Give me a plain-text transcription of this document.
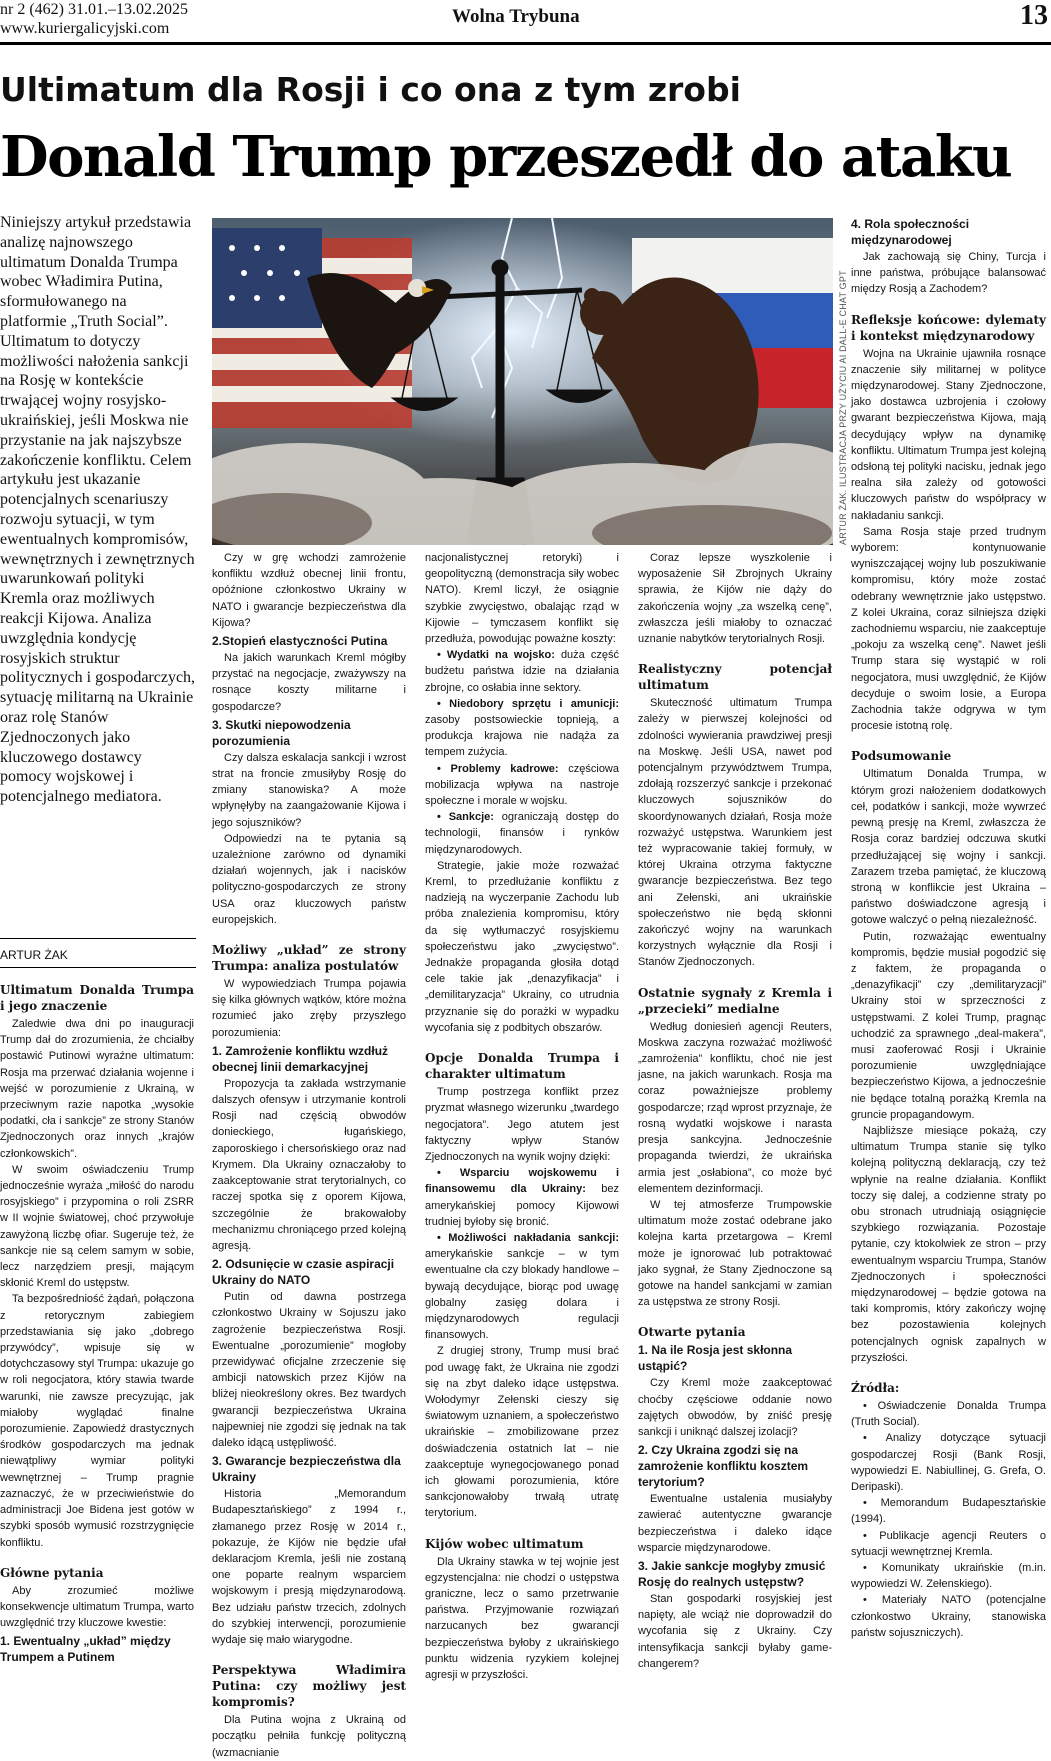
nr 2 (462) 31.01.–13.02.2025
www.kuriergalicyjski.com
Wolna Trybuna	13
Ultimatum dla Rosji i co ona z tym zrobi
Donald Trump przeszedł do ataku
Niniejszy artykuł przedstawia analizę najnowszego ultimatum Donalda Trumpa wobec Władimira Putina, sformułowanego na platformie „Truth Social”. Ultimatum to dotyczy możliwości nałożenia sankcji na Rosję w kontekście trwającej wojny rosyjsko-ukraińskiej, jeśli Moskwa nie przystanie na jak najszybsze zakończenie konfliktu. Celem artykułu jest ukazanie potencjalnych scenariuszy rozwoju sytuacji, w tym ewentualnych kompromisów, wewnętrznych i zewnętrznych uwarunkowań polityki Kremla oraz możliwych reakcji Kijowa. Analiza uwzględnia kondycję rosyjskich struktur politycznych i gospodarczych, sytuację militarną na Ukrainie oraz rolę Stanów Zjednoczonych jako kluczowego dostawcy pomocy wojskowej i potencjalnego mediatora.
ARTUR ŻAK
Ultimatum Donalda Trumpa i jego znaczenie

Zaledwie dwa dni po inauguracji Trump dał do zrozumienia, że chciałby postawić Putinowi wyraźne ultimatum: Rosja ma przerwać działania wojenne i wejść w porozumienie z Ukrainą, w przeciwnym razie napotka „wysokie podatki, cła i sankcje” ze strony Stanów Zjednoczonych oraz innych „krajów członkowskich”.

W swoim oświadczeniu Trump jednocześnie wyraża „miłość do narodu rosyjskiego” i przypomina o roli ZSRR w II wojnie światowej, choć przywołuje zawyżoną liczbę ofiar. Sugeruje też, że sankcje nie są celem samym w sobie, lecz narzędziem presji, mającym skłonić Kreml do ustępstw.

Ta bezpośredniość żądań, połączona z retorycznym zabiegiem przedstawiania się jako „dobrego przywódcy”, wpisuje się w dotychczasowy styl Trumpa: ukazuje go w roli negocjatora, który stawia twarde warunki, nie zawsze precyzując, jak miałoby wyglądać finalne porozumienie. Zapowiedź drastycznych środków gospodarczych ma jednak niewątpliwy wymiar polityki wewnętrznej – Trump pragnie zaznaczyć, że w przeciwieństwie do administracji Joe Bidena jest gotów w szybki sposób wymusić rozstrzygnięcie konfliktu.

Główne pytania

Aby zrozumieć możliwe konsekwencje ultimatum Trumpa, warto uwzględnić trzy kluczowe kwestie:

1. Ewentualny „układ” między Trumpem a Putinem
ARTUR ŻAK. ILUSTRACJA PRZY UŻYCIU AI DALL-E CHAT GPT

Czy w grę wchodzi zamrożenie konfliktu wzdłuż obecnej linii frontu, opóźnione członkostwo Ukrainy w NATO i gwarancje bezpieczeństwa dla Kijowa?

2.Stopień elastyczności Putina

Na jakich warunkach Kreml mógłby przystać na negocjacje, zważywszy na rosnące koszty militarne i gospodarcze?

3. Skutki niepowodzenia porozumienia

Czy dalsza eskalacja sankcji i wzrost strat na froncie zmusiłyby Rosję do zmiany stanowiska? A może wpłynęłyby na zaangażowanie Kijowa i jego sojuszników?

Odpowiedzi na te pytania są uzależnione zarówno od dynamiki działań wojennych, jak i nacisków polityczno-gospodarczych ze strony USA oraz kluczowych państw europejskich.

Możliwy „układ” ze strony Trumpa: analiza postulatów

W wypowiedziach Trumpa pojawia się kilka głównych wątków, które można rozumieć jako zręby przyszłego porozumienia:

1. Zamrożenie konfliktu wzdłuż obecnej linii demarkacyjnej

Propozycja ta zakłada wstrzymanie dalszych ofensyw i utrzymanie kontroli Rosji nad częścią obwodów donieckiego, ługańskiego, zaporoskiego i chersońskiego oraz nad Krymem. Dla Ukrainy oznaczałoby to zaakceptowanie strat terytorialnych, co raczej spotka się z oporem Kijowa, szczególnie że brakowałoby mechanizmu chroniącego przed kolejną agresją.

2. Odsunięcie w czasie aspiracji Ukrainy do NATO

Putin od dawna postrzega członkostwo Ukrainy w Sojuszu jako zagrożenie bezpieczeństwa Rosji. Ewentualne „porozumienie” mogłoby przewidywać oficjalne zrzeczenie się ambicji natowskich przez Kijów na bliżej nieokreślony okres. Bez twardych gwarancji bezpieczeństwa Ukraina najpewniej nie zgodzi się jednak na tak daleko idącą ustępliwość.

3. Gwarancje bezpieczeństwa dla Ukrainy

Historia „Memorandum Budapesztańskiego” z 1994 r., złamanego przez Rosję w 2014 r., pokazuje, że Kijów nie będzie ufał deklaracjom Kremla, jeśli nie zostaną one poparte realnym wsparciem wojskowym i presją międzynarodową. Bez udziału państw trzecich, zdolnych do szybkiej interwencji, porozumienie wydaje się mało wiarygodne.

Perspektywa Władimira Putina: czy możliwy jest kompromis?

Dla Putina wojna z Ukrainą od początku pełniła funkcję polityczną (wzmacnianie

nacjonalistycznej retoryki) i geopolityczną (demonstracja siły wobec NATO). Kreml liczył, że osiągnie szybkie zwycięstwo, obalając rząd w Kijowie – tymczasem konflikt się przedłuża, powodując poważne koszty:

• Wydatki na wojsko: duża część budżetu państwa idzie na działania zbrojne, co osłabia inne sektory.

• Niedobory sprzętu i amunicji: zasoby postsowieckie topnieją, a produkcja krajowa nie nadąża za tempem zużycia.

• Problemy kadrowe: częściowa mobilizacja wpływa na nastroje społeczne i morale w wojsku.

• Sankcje: ograniczają dostęp do technologii, finansów i rynków międzynarodowych.

Strategie, jakie może rozważać Kreml, to przedłużanie konfliktu z nadzieją na wyczerpanie Zachodu lub próba znalezienia kompromisu, który da się wytłumaczyć rosyjskiemu społeczeństwu jako „zwycięstwo”. Jednakże propaganda głosiła dotąd cele takie jak „denazyfikacja” i „demilitaryzacja” Ukrainy, co utrudnia przyznanie się do porażki w wypadku wycofania się z podbitych obszarów.

Opcje Donalda Trumpa i charakter ultimatum

Trump postrzega konflikt przez pryzmat własnego wizerunku „twardego negocjatora”. Jego atutem jest faktyczny wpływ Stanów Zjednoczonych na wynik wojny dzięki:

• Wsparciu wojskowemu i finansowemu dla Ukrainy: bez amerykańskiej pomocy Kijowowi trudniej byłoby się bronić.

• Możliwości nakładania sankcji: amerykańskie sankcje – w tym ewentualne cła czy blokady handlowe – bywają decydujące, biorąc pod uwagę globalny zasięg dolara i międzynarodowych regulacji finansowych.

Z drugiej strony, Trump musi brać pod uwagę fakt, że Ukraina nie zgodzi się na zbyt daleko idące ustępstwa. Wołodymyr Zełenski cieszy się światowym uznaniem, a społeczeństwo ukraińskie – zmobilizowane przez doświadczenia ostatnich lat – nie zaakceptuje wynegocjowanego ponad ich głowami porozumienia, które sankcjonowałoby trwałą utratę terytorium.

Kijów wobec ultimatum

Dla Ukrainy stawka w tej wojnie jest egzystencjalna: nie chodzi o ustępstwa graniczne, lecz o samo przetrwanie państwa. Przyjmowanie rozwiązań narzucanych bez gwarancji bezpieczeństwa byłoby z ukraińskiego punktu widzenia ryzykiem kolejnej agresji w przyszłości.

Coraz lepsze wyszkolenie i wyposażenie Sił Zbrojnych Ukrainy sprawia, że Kijów nie dąży do zakończenia wojny „za wszelką cenę”, zwłaszcza jeśli miałoby to oznaczać uznanie nabytków terytorialnych Rosji.

Realistyczny potencjał ultimatum

Skuteczność ultimatum Trumpa zależy w pierwszej kolejności od zdolności wywierania prawdziwej presji na Moskwę. Jeśli USA, nawet pod potencjalnym przywództwem Trumpa, zdołają rozszerzyć sankcje i przekonać kluczowych sojuszników do skoordynowanych działań, Rosja może rozważyć ustępstwa. Warunkiem jest też wypracowanie takiej formuły, w której Ukraina otrzyma faktyczne gwarancje bezpieczeństwa. Bez tego ani Zełenski, ani ukraińskie społeczeństwo nie będą skłonni zakończyć wojny na warunkach korzystnych wyłącznie dla Rosji i Stanów Zjednoczonych.

Ostatnie sygnały z Kremla i „przecieki” medialne

Według doniesień agencji Reuters, Moskwa zaczyna rozważać możliwość „zamrożenia” konfliktu, choć nie jest jasne, na jakich warunkach. Rosja ma coraz poważniejsze problemy gospodarcze; rząd wprost przyznaje, że rosną wydatki wojskowe i narasta presja sankcyjna. Jednocześnie propaganda twierdzi, że ukraińska armia jest „osłabiona”, co może być elementem dezinformacji.

W tej atmosferze Trumpowskie ultimatum może zostać odebrane jako kolejna karta przetargowa – Kreml może je ignorować lub potraktować jako sygnał, że Stany Zjednoczone są gotowe na handel sankcjami w zamian za ustępstwa ze strony Rosji.

Otwarte pytania
1. Na ile Rosja jest skłonna ustąpić?

Czy Kreml może zaakceptować choćby częściowe oddanie nowo zajętych obwodów, by zniść presję sankcji i uniknąć dalszej izolacji?

2. Czy Ukraina zgodzi się na zamrożenie konfliktu kosztem terytorium?

Ewentualne ustalenia musiałyby zawierać autentyczne gwarancje bezpieczeństwa i daleko idące wsparcie międzynarodowe.

3. Jakie sankcje mogłyby zmusić Rosję do realnych ustępstw?

Stan gospodarki rosyjskiej jest napięty, ale wciąż nie doprowadził do wycofania się z Ukrainy. Czy intensyfikacja sankcji byłaby game-changerem?

4. Rola społeczności międzynarodowej

Jak zachowają się Chiny, Turcja i inne państwa, próbujące balansować między Rosją a Zachodem?

Refleksje końcowe: dylematy i kontekst międzynarodowy

Wojna na Ukrainie ujawniła rosnące znaczenie siły militarnej w polityce międzynarodowej. Stany Zjednoczone, jako dostawca uzbrojenia i czołowy gwarant bezpieczeństwa Kijowa, mają decydujący wpływ na dynamikę konfliktu. Ultimatum Trumpa jest kolejną odsłoną tej polityki nacisku, jednak jego realna siła zależy od gotowości kluczowych państw do współpracy w nakładaniu sankcji.

Sama Rosja staje przed trudnym wyborem: kontynuowanie wyniszczającej wojny lub poszukiwanie kompromisu, który może zostać odebrany wewnętrznie jako ustępstwo. Z kolei Ukraina, coraz silniejsza dzięki zachodniemu wsparciu, nie zaakceptuje „pokoju za wszelką cenę”. Nawet jeśli Trump stara się wystąpić w roli negocjatora, musi uwzględnić, że Kijów decyduje o swoim losie, a Europa Zachodnia także odgrywa w tym procesie istotną rolę.

Podsumowanie

Ultimatum Donalda Trumpa, w którym grozi nałożeniem dodatkowych ceł, podatków i sankcji, może wywrzeć pewną presję na Kreml, zwłaszcza że Rosja coraz bardziej odczuwa skutki przedłużającej się wojny i sankcji. Zarazem trzeba pamiętać, że kluczową stroną w konflikcie jest Ukraina – państwo doświadczone agresją i gotowe walczyć o pełną niezależność.

Putin, rozważając ewentualny kompromis, będzie musiał pogodzić się z faktem, że propaganda o „denazyfikacji” czy „demilitaryzacji” Ukrainy stoi w sprzeczności z ustępstwami. Z kolei Trump, pragnąc uchodzić za sprawnego „deal-makera”, musi zaoferować Rosji i Ukrainie porozumienie uwzględniające bezpieczeństwo Kijowa, a jednocześnie nie będące totalną porażką Kremla na gruncie propagandowym.

Najbliższe miesiące pokażą, czy ultimatum Trumpa stanie się tylko kolejną polityczną deklaracją, czy też wpłynie na realne działania. Konflikt toczy się dalej, a codzienne straty po obu stronach utrudniają osiągnięcie szybkiego rozwiązania. Pozostaje pytanie, czy ktokolwiek ze stron – przy ewentualnym wsparciu Trumpa, Stanów Zjednoczonych i społeczności międzynarodowej – będzie gotowa na taki kompromis, który zakończy wojnę bez pozostawienia kolejnych potencjalnych ognisk zapalnych w przyszłości.

Źródła:

• Oświadczenie Donalda Trumpa (Truth Social).

• Analizy dotyczące sytuacji gospodarczej Rosji (Bank Rosji, wypowiedzi E. Nabiullinej, G. Grefa, O. Deripaski).

• Memorandum Budapesztańskie (1994).

• Publikacje agencji Reuters o sytuacji wewnętrznej Kremla.

• Komunikaty ukraińskie (m.in. wypowiedzi W. Zełenskiego).

• Materiały NATO (potencjalne członkostwo Ukrainy, stanowiska państw sojuszniczych).
